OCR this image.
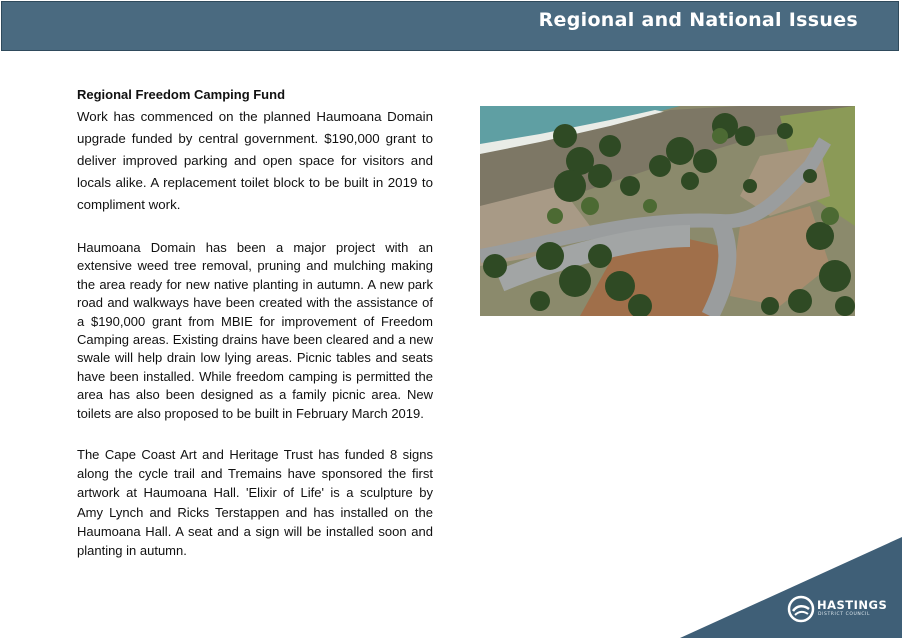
Regional and National Issues
Regional Freedom Camping Fund

Work has commenced on the planned Haumoana Domain upgrade funded by central government. $190,000 grant to deliver improved parking and open space for visitors and locals alike. A replacement toilet block to be built in 2019 to compliment work.

Haumoana Domain has been a major project with an extensive weed tree removal, pruning and mulching making the area ready for new native planting in autumn. A new park road and walkways have been created with the assistance of a $190,000 grant from MBIE for improvement of Freedom Camping areas. Existing drains have been cleared and a new swale will help drain low lying areas. Picnic tables and seats have been installed. While freedom camping is permitted the area has also been designed as a family picnic area. New toilets are also proposed to be built in February March 2019.

The Cape Coast Art and Heritage Trust has funded 8 signs along the cycle trail and Tremains have sponsored the first artwork at Haumoana Hall. 'Elixir of Life' is a sculpture by Amy Lynch and Ricks Terstappen and has installed on the Haumoana Hall. A seat and a sign will be installed soon and planting in autumn.

HASTINGS
DISTRICT COUNCIL
